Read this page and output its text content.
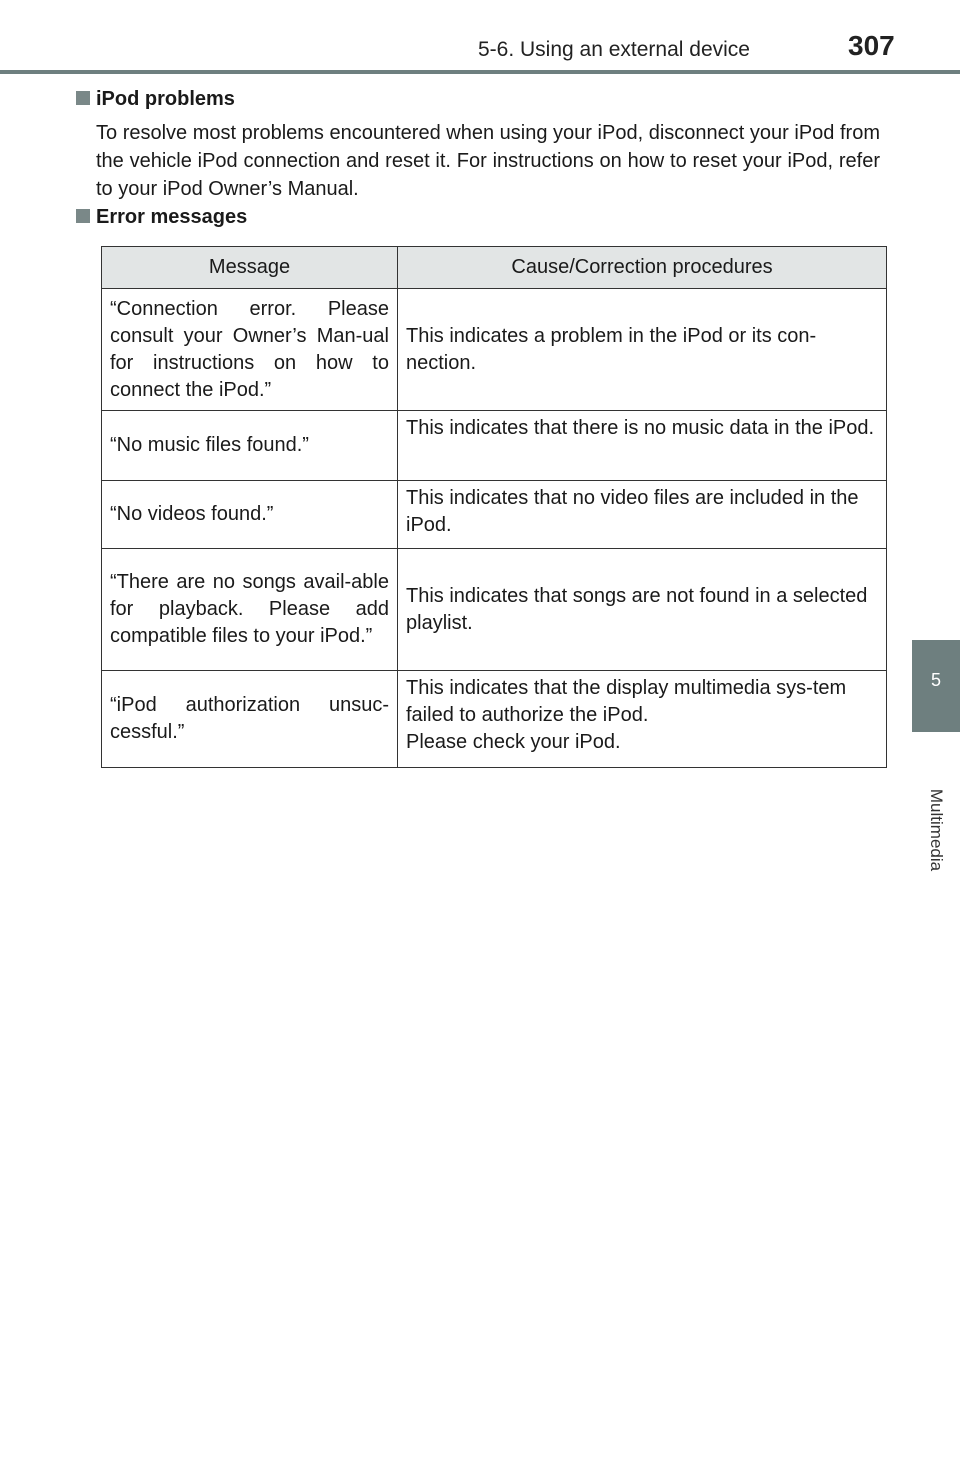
5-6. Using an external device	307
5
Multimedia
iPod problems
To resolve most problems encountered when using your iPod, disconnect your iPod from the vehicle iPod connection and reset it. For instructions on how to reset your iPod, refer to your iPod Owner’s Manual.
Error messages
Message	Cause/Correction procedures
“Connection error. Please consult your Owner’s Man-ual for instructions on how to connect the iPod.”	This indicates a problem in the iPod or its con-nection.
“No music files found.”	This indicates that there is no music data in the iPod.
“No videos found.”	This indicates that no video files are included in the iPod.
“There are no songs avail-able for playback. Please add compatible files to your iPod.”	This indicates that songs are not found in a selected playlist.
“iPod authorization unsuc-cessful.”	This indicates that the display multimedia sys-tem failed to authorize the iPod.
Please check your iPod.
